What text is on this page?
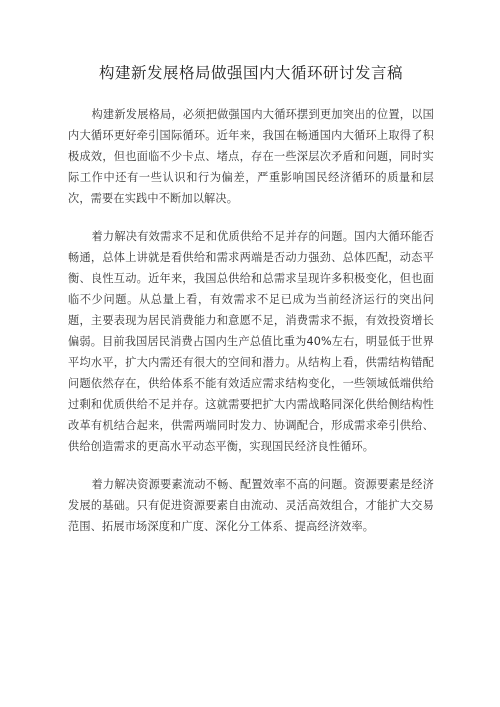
构建新发展格局做强国内大循环研讨发言稿

构建新发展格局，必须把做强国内大循环摆到更加突出的位置，以国内大循环更好牵引国际循环。近年来，我国在畅通国内大循环上取得了积极成效，但也面临不少卡点、堵点，存在一些深层次矛盾和问题，同时实际工作中还有一些认识和行为偏差，严重影响国民经济循环的质量和层次，需要在实践中不断加以解决。

着力解决有效需求不足和优质供给不足并存的问题。国内大循环能否畅通，总体上讲就是看供给和需求两端是否动力强劲、总体匹配，动态平衡、良性互动。近年来，我国总供给和总需求呈现许多积极变化，但也面临不少问题。从总量上看，有效需求不足已成为当前经济运行的突出问题，主要表现为居民消费能力和意愿不足，消费需求不振，有效投资增长偏弱。目前我国居民消费占国内生产总值比重为40%左右，明显低于世界平均水平，扩大内需还有很大的空间和潜力。从结构上看，供需结构错配问题依然存在，供给体系不能有效适应需求结构变化，一些领域低端供给过剩和优质供给不足并存。这就需要把扩大内需战略同深化供给侧结构性改革有机结合起来，供需两端同时发力、协调配合，形成需求牵引供给、供给创造需求的更高水平动态平衡，实现国民经济良性循环。

着力解决资源要素流动不畅、配置效率不高的问题。资源要素是经济发展的基础。只有促进资源要素自由流动、灵活高效组合，才能扩大交易范围、拓展市场深度和广度、深化分工体系、提高经济效率。
